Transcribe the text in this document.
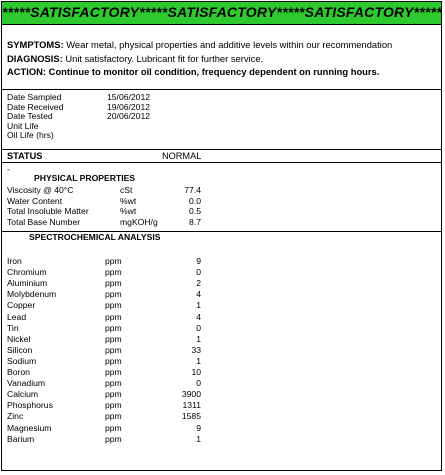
*****SATISFACTORY*****SATISFACTORY*****SATISFACTORY*****
SYMPTOMS: Wear metal, physical properties and additive levels within our recommendation
DIAGNOSIS: Unit satisfactory. Lubricant fit for further service.
ACTION: Continue to monitor oil condition, frequency dependent on running hours.
Date Sampled	15/06/2012
Date Received	19/06/2012
Date Tested	20/06/2012
Unit Life
Oil Life (hrs)
STATUS	NORMAL
-
PHYSICAL PROPERTIES
Viscosity @ 40°C	cSt	77.4
Water Content	%wt	0.0
Total Insoluble Matter	%wt	0.5
Total Base Number	mgKOH/g	8.7
SPECTROCHEMICAL ANALYSIS
Iron	ppm	9
Chromium	ppm	0
Aluminium	ppm	2
Molybdenum	ppm	4
Copper	ppm	1
Lead	ppm	4
Tin	ppm	0
Nickel	ppm	1
Silicon	ppm	33
Sodium	ppm	1
Boron	ppm	10
Vanadium	ppm	0
Calcium	ppm	3900
Phosphorus	ppm	1311
Zinc	ppm	1585
Magnesium	ppm	9
Barium	ppm	1
